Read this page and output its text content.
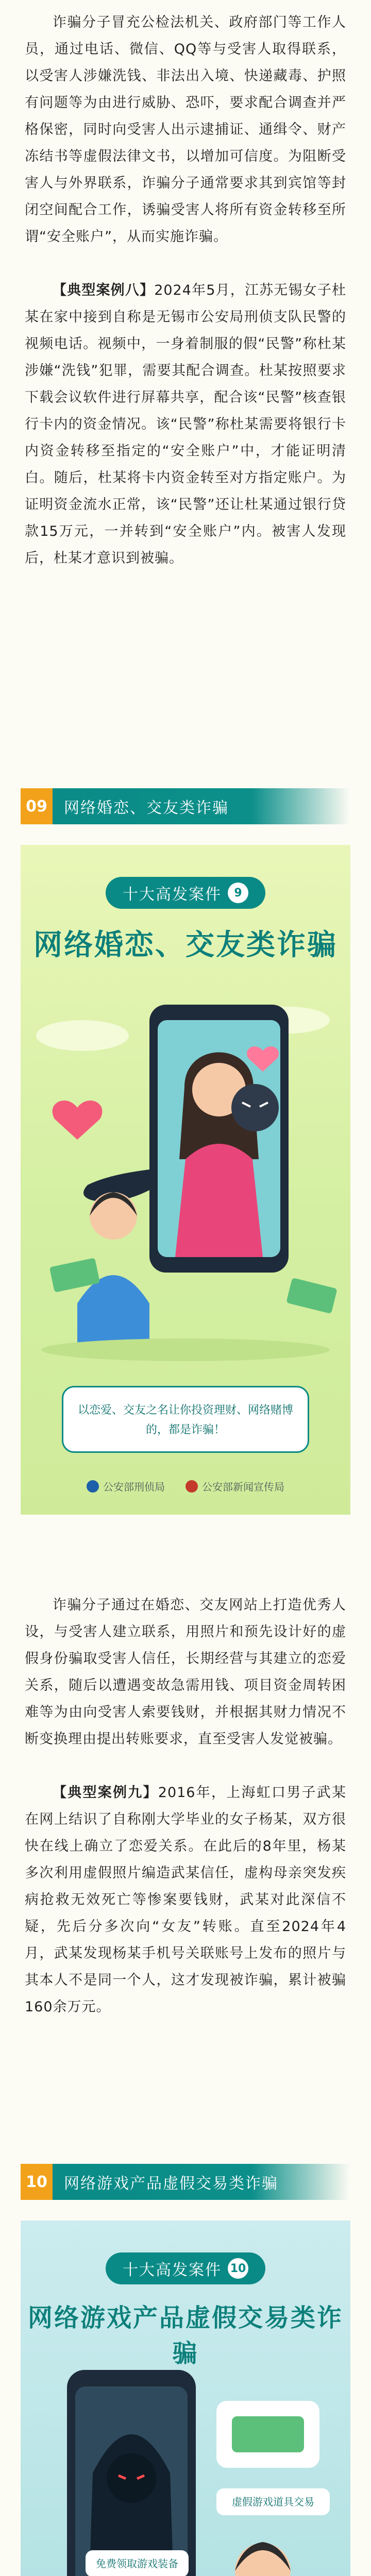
诈骗分子冒充公检法机关、政府部门等工作人员，通过电话、微信、QQ等与受害人取得联系，以受害人涉嫌洗钱、非法出入境、快递藏毒、护照有问题等为由进行威胁、恐吓，要求配合调查并严格保密，同时向受害人出示逮捕证、通缉令、财产冻结书等虚假法律文书，以增加可信度。为阻断受害人与外界联系，诈骗分子通常要求其到宾馆等封闭空间配合工作，诱骗受害人将所有资金转移至所谓“安全账户”，从而实施诈骗。

【典型案例八】2024年5月，江苏无锡女子杜某在家中接到自称是无锡市公安局刑侦支队民警的视频电话。视频中，一身着制服的假“民警”称杜某涉嫌“洗钱”犯罪，需要其配合调查。杜某按照要求下载会议软件进行屏幕共享，配合该“民警”核查银行卡内的资金情况。该“民警”称杜某需要将银行卡内资金转移至指定的“安全账户”中，才能证明清白。随后，杜某将卡内资金转至对方指定账户。为证明资金流水正常，该“民警”还让杜某通过银行贷款15万元，一并转到“安全账户”内。被害人发现后，杜某才意识到被骗。

09	网络婚恋、交友类诈骗
十大高发案件	9
网络婚恋、交友类诈骗
以恋爱、交友之名让你投资理财、网络赌博的，都是诈骗！
公安部刑侦局	公安部新闻宣传局

诈骗分子通过在婚恋、交友网站上打造优秀人设，与受害人建立联系，用照片和预先设计好的虚假身份骗取受害人信任，长期经营与其建立的恋爱关系，随后以遭遇变故急需用钱、项目资金周转困难等为由向受害人索要钱财，并根据其财力情况不断变换理由提出转账要求，直至受害人发觉被骗。

【典型案例九】2016年，上海虹口男子武某在网上结识了自称刚大学毕业的女子杨某，双方很快在线上确立了恋爱关系。在此后的8年里，杨某多次利用虚假照片编造武某信任，虚构母亲突发疾病抢救无效死亡等惨案要钱财，武某对此深信不疑，先后分多次向“女友”转账。直至2024年4月，武某发现杨某手机号关联账号上发布的照片与其本人不是同一个人，这才发现被诈骗，累计被骗160余万元。

10	网络游戏产品虚假交易类诈骗
十大高发案件 10
网络游戏产品虚假交易类诈骗
免费领取游戏装备
虚假游戏道具交易
